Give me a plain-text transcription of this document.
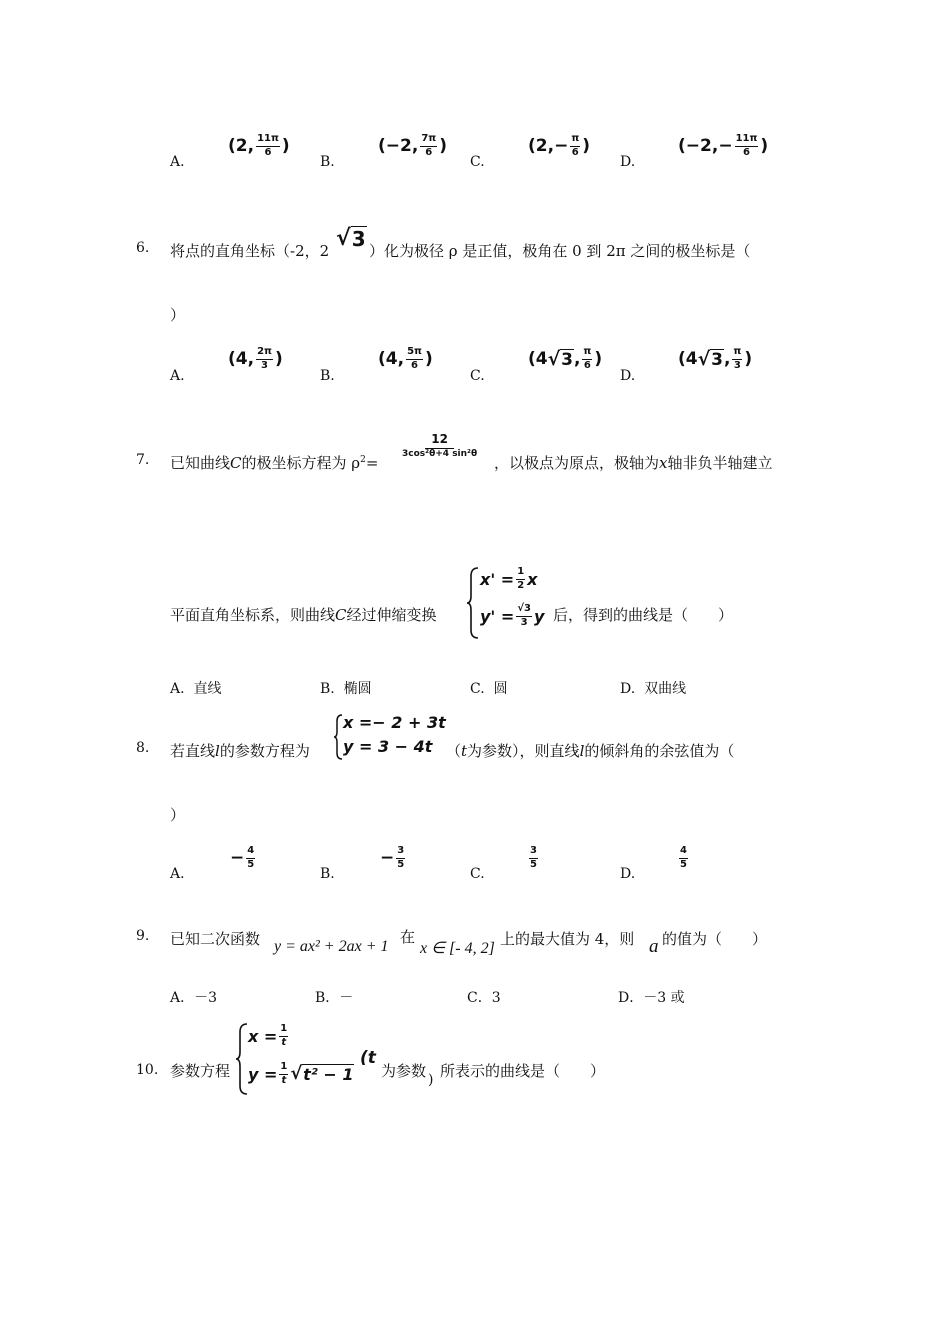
A.
( 2, $\frac{11\pi}{6}$ )
B.
( −2, $\frac{7\pi}{6}$ )
C.
( 2, − $\frac{\pi}{6}$ )
D.
( −2, − $\frac{11\pi}{6}$ )
6. 将点的直角坐标（-2，2 √ 3 ）化为极径 ρ 是正值，极角在 0 到 2π 之间的极坐标是（
）
A.
( 4, $\frac{2\pi}{3}$ )
B.
( 4, $\frac{5\pi}{6}$ )
C.
( 4 √ 3 , $\frac{\pi}{6}$ )
D.
( 4 √ 3 , $\frac{\pi}{3}$ )
7. 已知曲线C的极坐标方程为 $\rho^2=$
$\frac{12}{\text{3cos²θ+4 sin²θ}}$
，以极点为原点，极轴为x轴非负半轴建立
平面直角坐标系，则曲线C经过伸缩变换
$x' = \frac{1}{2}$ x
$y' = \frac{√3}{3}$ y 后，得到的曲线是（　　）
A. 直线	B. 椭圆	C. 圆	D. 双曲线
8. 若直线l的参数方程为
x =− 2 + 3t
y = 3 − 4t （t为参数），则直线l的倾斜角的余弦值为（
）
A.
− $\frac{4}{5}$
B.
− $\frac{3}{5}$
C.
$\frac{3}{5}$
D.
$\frac{4}{5}$
9. 已知二次函数 y = ax² + 2ax + 1
在
x ∈ [- 4, 2]
上的最大值为 4，则 a 的值为（　　）
A．－3	B．－	C．3	D．－3 或
10. 参数方程
$x = \frac{1}{t}$
$y = \frac{1}{t}$ √ t² − 1
(t
为参数 ) 所表示的曲线是（　　）
